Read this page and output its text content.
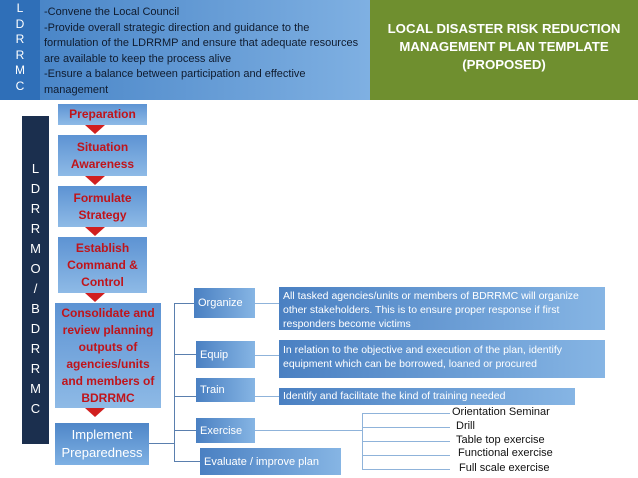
L
D
R
R
M
C
-Convene the Local Council
-Provide overall strategic direction and guidance to the
formulation of the LDRRMP and ensure that adequate resources
are available to keep the process alive
-Ensure a balance between participation and effective
management
LOCAL DISASTER RISK REDUCTION
MANAGEMENT PLAN TEMPLATE
(PROPOSED)
L
D
R
R
M
O
/
B
D
R
R
M
C
Preparation
Situation
Awareness
Formulate
Strategy
Establish
Command &
Control
Consolidate and
review planning
outputs of
agencies/units
and members of
BDRRMC
Implement
Preparedness
Organize
All tasked agencies/units or members of BDRRMC will organize
other stakeholders. This is to ensure proper response if first
responders become victims
Equip	In relation to the objective and execution of the plan, identify
equipment which can be borrowed, loaned or procured
Train	Identify and facilitate the kind of training needed
Exercise
Evaluate / improve plan
Orientation Seminar
Drill
Table top exercise
Functional exercise
Full scale exercise
